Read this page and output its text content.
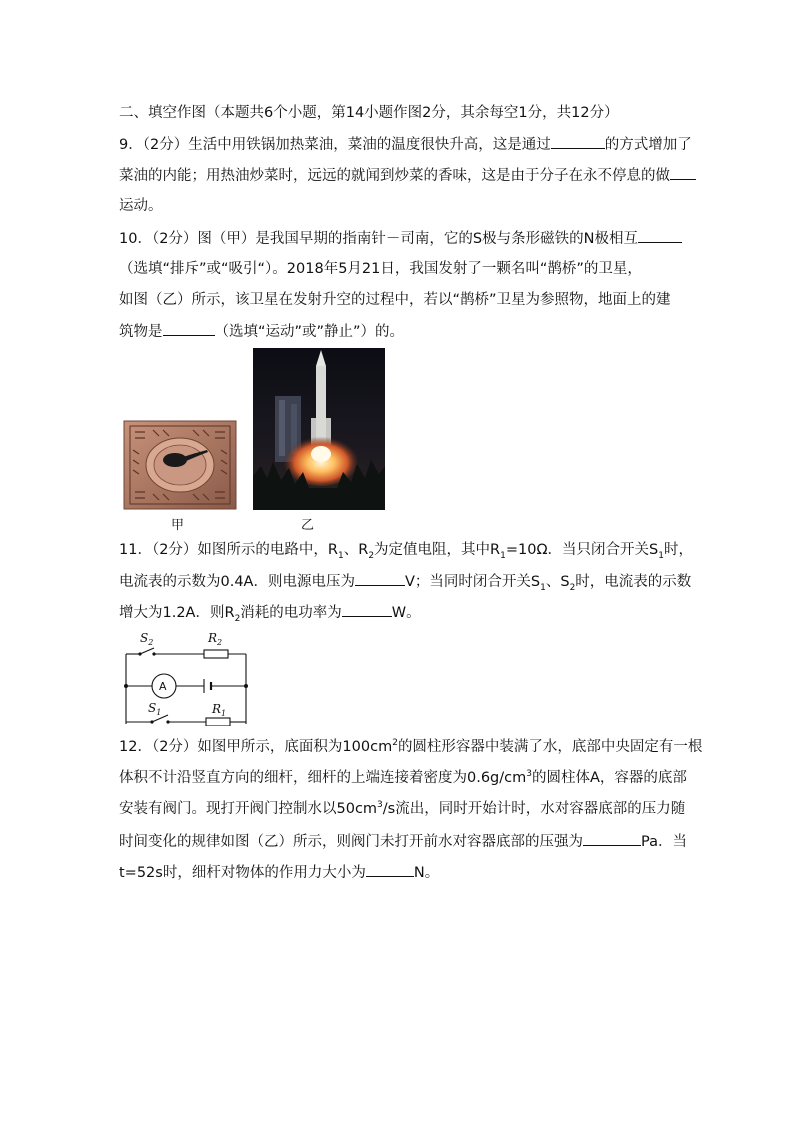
二、填空作图（本题共6个小题，第14小题作图2分，其余每空1分，共12分）
9．（2分）生活中用铁锅加热菜油，菜油的温度很快升高，这是通过	的方式增加了
菜油的内能；用热油炒菜时，远远的就闻到炒菜的香味，这是由于分子在永不停息的做
运动。
10．（2分）图（甲）是我国早期的指南针－司南，它的S极与条形磁铁的N极相互
（选填“排斥”或“吸引“）。2018年5月21日，我国发射了一颗名叫“鹊桥”的卫星，
如图（乙）所示，该卫星在发射升空的过程中，若以“鹊桥”卫星为参照物，地面上的建
筑物是	（选填“运动”或”静止”）的。
甲	乙
11．（2分）如图所示的电路中，$R_1$、$R_2$为定值电阻，其中$R_1=10\Omega$．当只闭合开关$S_1$时，
电流表的示数为0.4A．则电源电压为	V；当同时闭合开关$S_1$、$S_2$时，电流表的示数
增大为1.2A．则$R_2$消耗的电功率为	W。
$S_2$	$R_2$
A
$S_1$	$R_1$
12．（2分）如图甲所示，底面积为$100cm^2$的圆柱形容器中装满了水，底部中央固定有一根
体积不计沿竖直方向的细杆，细杆的上端连接着密度为$0.6g/cm^3$的圆柱体A，容器的底部
安装有阀门。现打开阀门控制水以$50cm^3/s$流出，同时开始计时，水对容器底部的压力随
时间变化的规律如图（乙）所示，则阀门未打开前水对容器底部的压强为	Pa．当
t=52s时，细杆对物体的作用力大小为	N。
